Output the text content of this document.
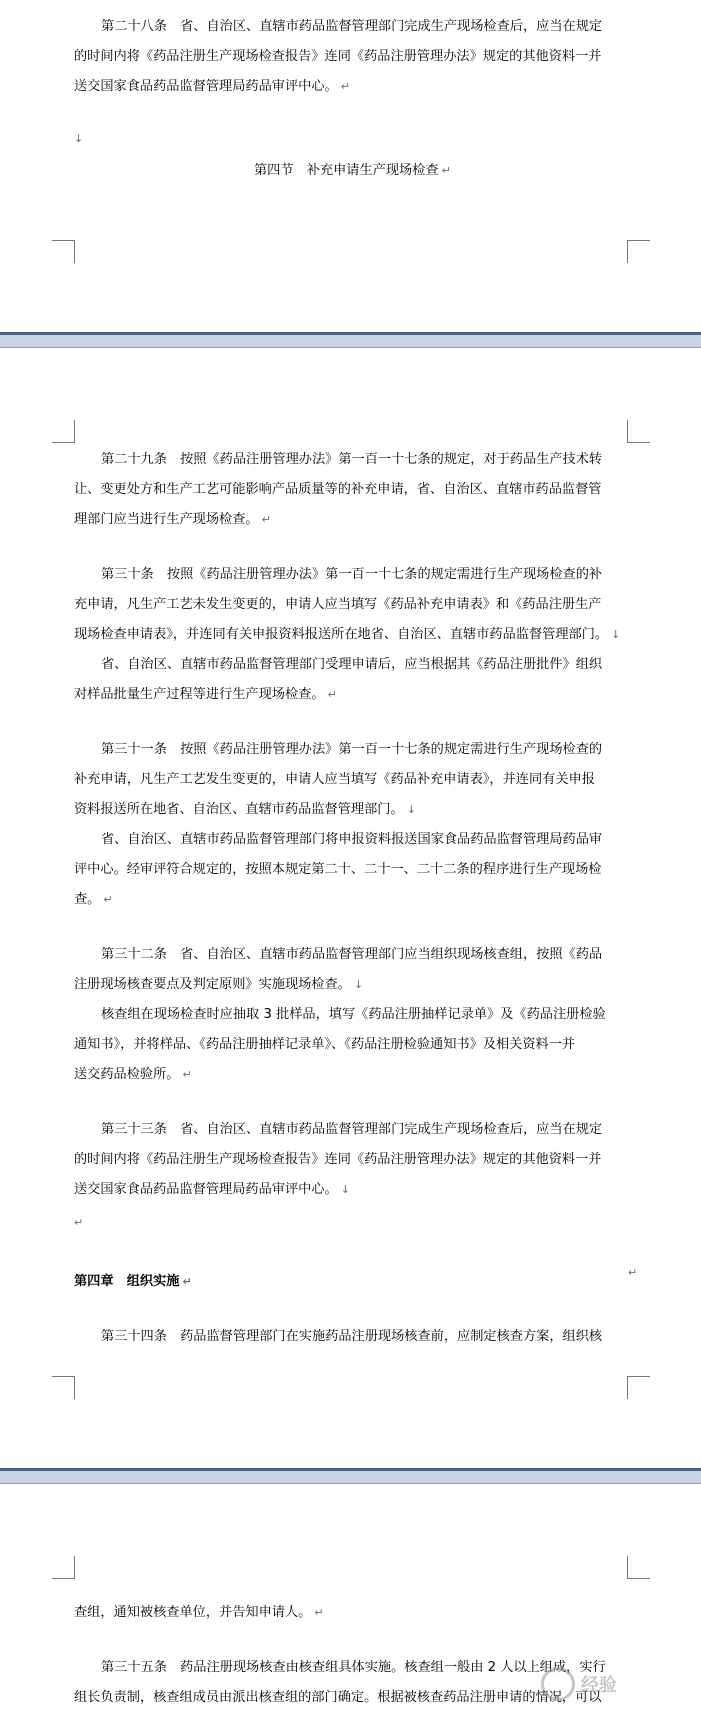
第二十八条　省、自治区、直辖市药品监督管理部门完成生产现场检查后，应当在规定

的时间内将《药品注册生产现场检查报告》连同《药品注册管理办法》规定的其他资料一并

送交国家食品药品监督管理局药品审评中心。 ↵

↓

第四节　补充申请生产现场检查 ↵

第二十九条　按照《药品注册管理办法》第一百一十七条的规定，对于药品生产技术转

让、变更处方和生产工艺可能影响产品质量等的补充申请，省、自治区、直辖市药品监督管

理部门应当进行生产现场检查。 ↵

第三十条　按照《药品注册管理办法》第一百一十七条的规定需进行生产现场检查的补

充申请，凡生产工艺未发生变更的，申请人应当填写《药品补充申请表》和《药品注册生产

现场检查申请表》，并连同有关申报资料报送所在地省、自治区、直辖市药品监督管理部门。 ↓

省、自治区、直辖市药品监督管理部门受理申请后，应当根据其《药品注册批件》组织

对样品批量生产过程等进行生产现场检查。 ↵

第三十一条　按照《药品注册管理办法》第一百一十七条的规定需进行生产现场检查的

补充申请，凡生产工艺发生变更的，申请人应当填写《药品补充申请表》，并连同有关申报

资料报送所在地省、自治区、直辖市药品监督管理部门。 ↓

省、自治区、直辖市药品监督管理部门将申报资料报送国家食品药品监督管理局药品审

评中心。经审评符合规定的，按照本规定第二十、二十一、二十二条的程序进行生产现场检

查。 ↵

第三十二条　省、自治区、直辖市药品监督管理部门应当组织现场核查组，按照《药品

注册现场核查要点及判定原则》实施现场检查。 ↓

核查组在现场检查时应抽取 3 批样品，填写《药品注册抽样记录单》及《药品注册检验

通知书》，并将样品、《药品注册抽样记录单》、《药品注册检验通知书》及相关资料一并

送交药品检验所。 ↵

第三十三条　省、自治区、直辖市药品监督管理部门完成生产现场检查后，应当在规定

的时间内将《药品注册生产现场检查报告》连同《药品注册管理办法》规定的其他资料一并

送交国家食品药品监督管理局药品审评中心。 ↓

↵

第四章　组织实施 ↵

↵

第三十四条　药品监督管理部门在实施药品注册现场核查前，应制定核查方案，组织核

查组，通知被核查单位，并告知申请人。 ↵

第三十五条　药品注册现场核查由核查组具体实施。核查组一般由 2 人以上组成，实行

组长负责制，核查组成员由派出核查组的部门确定。根据被核查药品注册申请的情况，可以

经验
